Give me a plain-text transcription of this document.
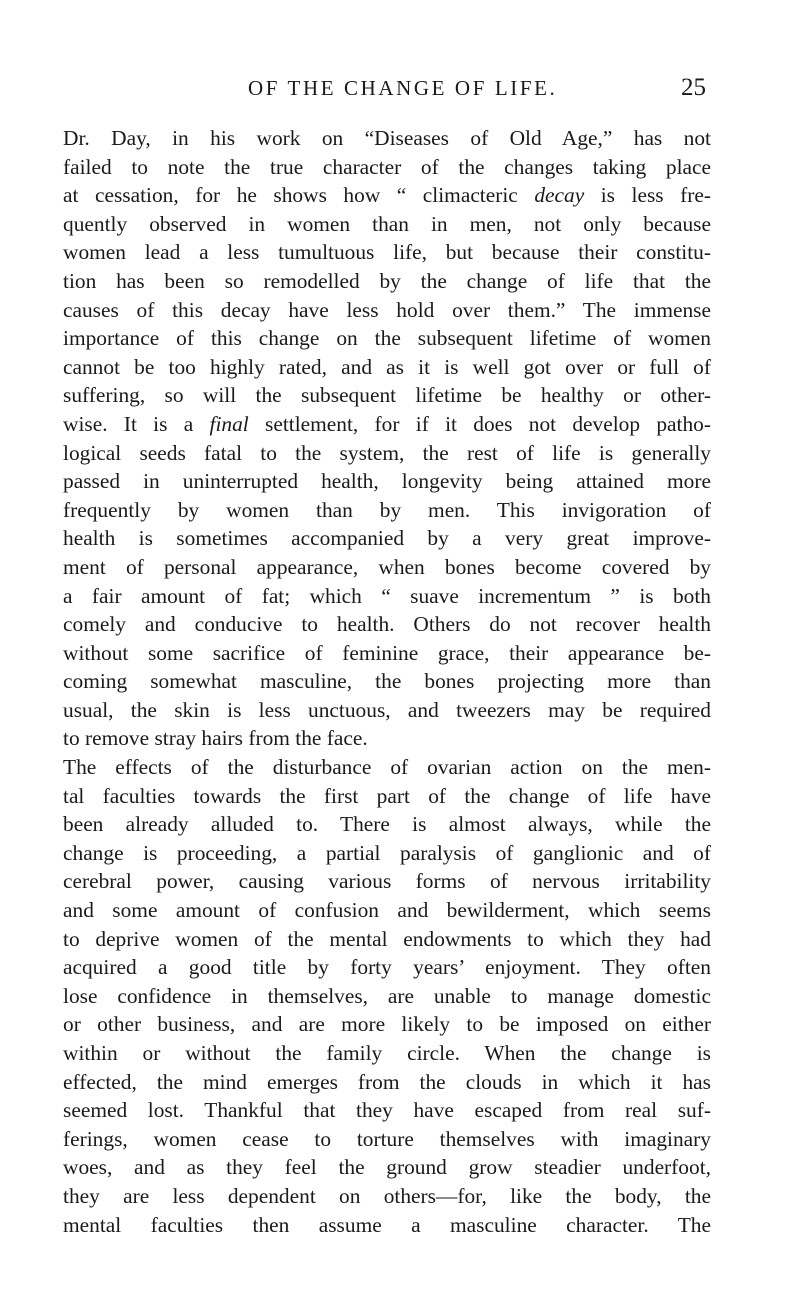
OF THE CHANGE OF LIFE.	25
Dr. Day, in his work on “Diseases of Old Age,” has not
failed to note the true character of the changes taking place
at cessation, for he shows how “ climacteric decay is less fre-
quently observed in women than in men, not only because
women lead a less tumultuous life, but because their constitu-
tion has been so remodelled by the change of life that the
causes of this decay have less hold over them.” The immense
importance of this change on the subsequent lifetime of women
cannot be too highly rated, and as it is well got over or full of
suffering, so will the subsequent lifetime be healthy or other-
wise. It is a final settlement, for if it does not develop patho-
logical seeds fatal to the system, the rest of life is generally
passed in uninterrupted health, longevity being attained more
frequently by women than by men. This invigoration of
health is sometimes accompanied by a very great improve-
ment of personal appearance, when bones become covered by
a fair amount of fat; which “ suave incrementum ” is both
comely and conducive to health. Others do not recover health
without some sacrifice of feminine grace, their appearance be-
coming somewhat masculine, the bones projecting more than
usual, the skin is less unctuous, and tweezers may be required
to remove stray hairs from the face.
The effects of the disturbance of ovarian action on the men-
tal faculties towards the first part of the change of life have
been already alluded to. There is almost always, while the
change is proceeding, a partial paralysis of ganglionic and of
cerebral power, causing various forms of nervous irritability
and some amount of confusion and bewilderment, which seems
to deprive women of the mental endowments to which they had
acquired a good title by forty years’ enjoyment. They often
lose confidence in themselves, are unable to manage domestic
or other business, and are more likely to be imposed on either
within or without the family circle. When the change is
effected, the mind emerges from the clouds in which it has
seemed lost. Thankful that they have escaped from real suf-
ferings, women cease to torture themselves with imaginary
woes, and as they feel the ground grow steadier underfoot,
they are less dependent on others—for, like the body, the
mental faculties then assume a masculine character. The
